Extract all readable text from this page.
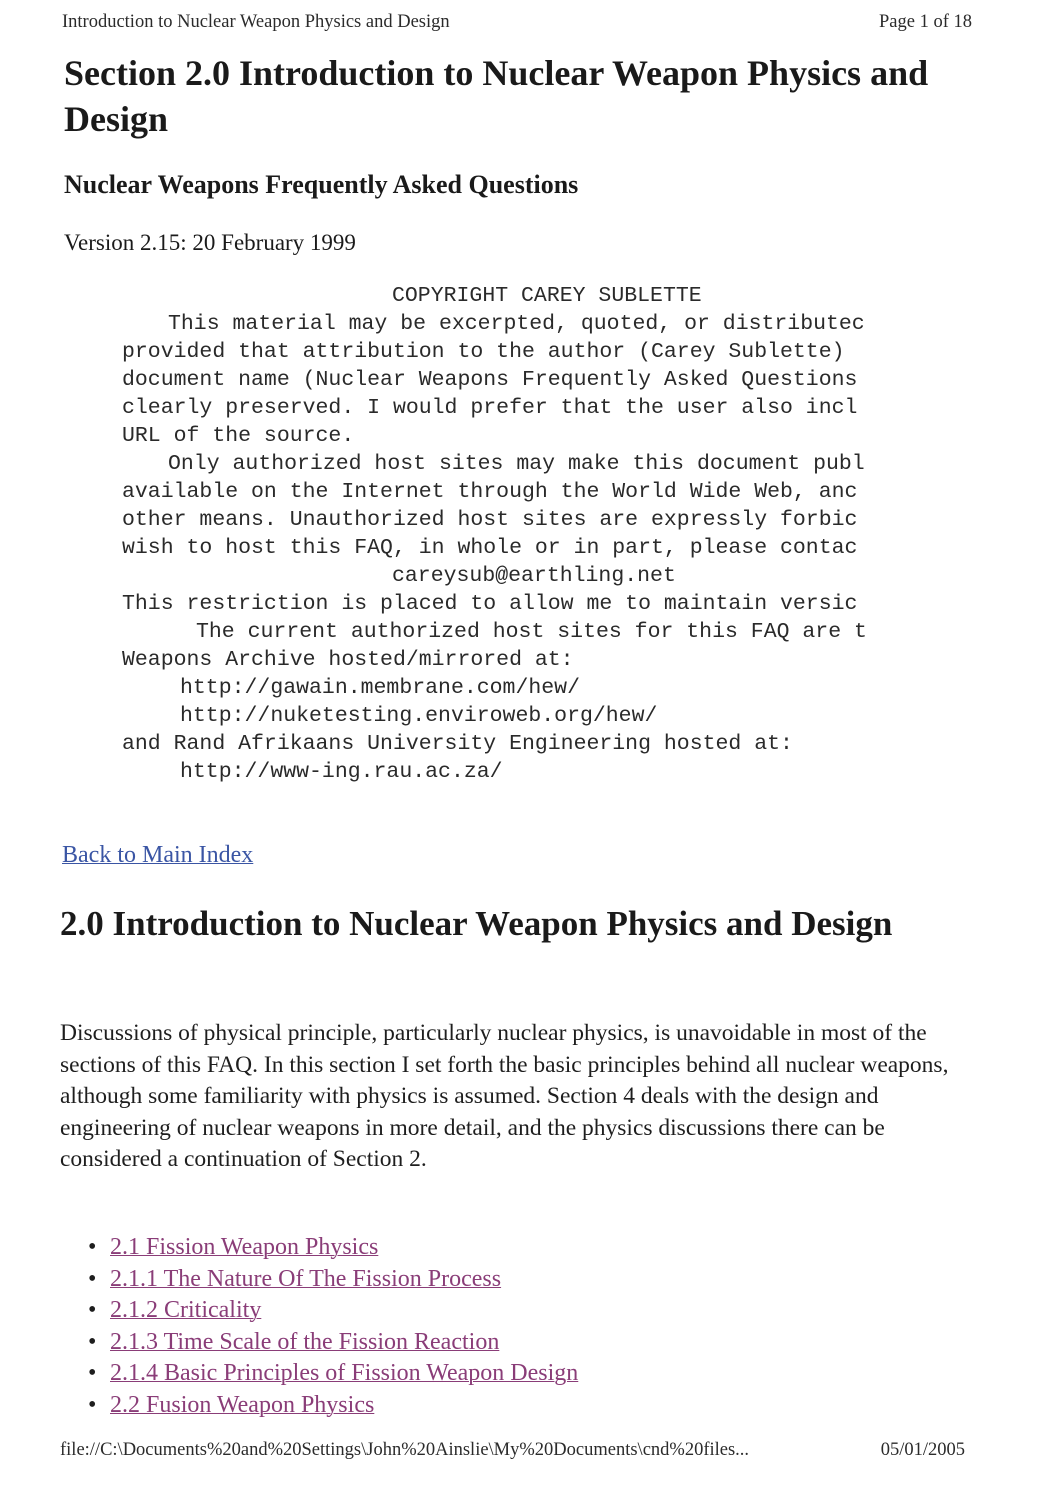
Introduction to Nuclear Weapon Physics and Design	Page 1 of 18
Section 2.0 Introduction to Nuclear Weapon Physics and Design
Nuclear Weapons Frequently Asked Questions

Version 2.15: 20 February 1999

COPYRIGHT CAREY SUBLETTE
This material may be excerpted, quoted, or distributec
provided that attribution to the author (Carey Sublette)
document name (Nuclear Weapons Frequently Asked Questions
clearly preserved. I would prefer that the user also incl
URL of the source.
Only authorized host sites may make this document publ
available on the Internet through the World Wide Web, anc
other means. Unauthorized host sites are expressly forbic
wish to host this FAQ, in whole or in part, please contac
careysub@earthling.net
This restriction is placed to allow me to maintain versic
The current authorized host sites for this FAQ are t
Weapons Archive hosted/mirrored at:
http://gawain.membrane.com/hew/
http://nuketesting.enviroweb.org/hew/
and Rand Afrikaans University Engineering hosted at:
http://www-ing.rau.ac.za/
Back to Main Index
2.0 Introduction to Nuclear Weapon Physics and Design

Discussions of physical principle, particularly nuclear physics, is unavoidable in most of the sections of this FAQ. In this section I set forth the basic principles behind all nuclear weapons, although some familiarity with physics is assumed. Section 4 deals with the design and engineering of nuclear weapons in more detail, and the physics discussions there can be considered a continuation of Section 2.

• 2.1 Fission Weapon Physics
• 2.1.1 The Nature Of The Fission Process
• 2.1.2 Criticality
• 2.1.3 Time Scale of the Fission Reaction
• 2.1.4 Basic Principles of Fission Weapon Design
• 2.2 Fusion Weapon Physics
file://C:\Documents%20and%20Settings\John%20Ainslie\My%20Documents\cnd%20files...	05/01/2005
